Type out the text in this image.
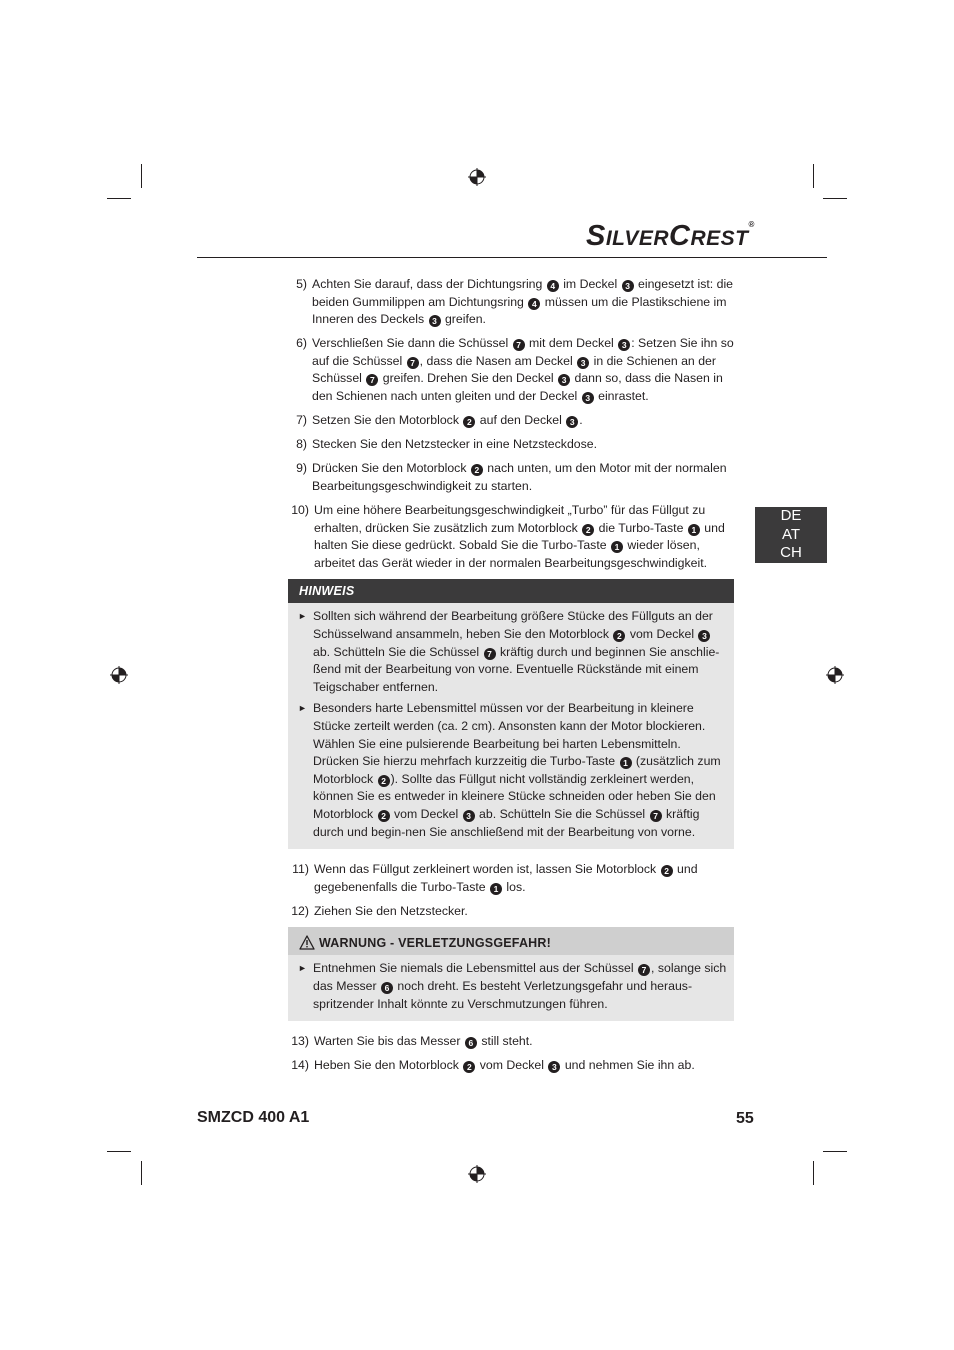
SILVERCREST®
DE
AT
CH
5) Achten Sie darauf, dass der Dichtungsring 4 im Deckel 3 eingesetzt ist: die beiden Gummilippen am Dichtungsring 4 müssen um die Plastikschiene im Inneren des Deckels 3 greifen.
6) Verschließen Sie dann die Schüssel 7 mit dem Deckel 3 : Setzen Sie ihn so auf die Schüssel 7 , dass die Nasen am Deckel 3 in die Schienen an der Schüssel 7 greifen. Drehen Sie den Deckel 3 dann so, dass die Nasen in den Schienen nach unten gleiten und der Deckel 3 einrastet.
7) Setzen Sie den Motorblock 2 auf den Deckel 3 .
8) Stecken Sie den Netzstecker in eine Netzsteckdose.
9) Drücken Sie den Motorblock 2 nach unten, um den Motor mit der normalen Bearbeitungsgeschwindigkeit zu starten.
10) Um eine höhere Bearbeitungsgeschwindigkeit „Turbo” für das Füllgut zu erhalten, drücken Sie zusätzlich zum Motorblock 2 die Turbo-Taste 1 und halten Sie diese gedrückt. Sobald Sie die Turbo-Taste 1 wieder lösen, arbeitet das Gerät wieder in der normalen Bearbeitungsgeschwindigkeit.
HINWEIS
► Sollten sich während der Bearbeitung größere Stücke des Füllguts an der Schüsselwand ansammeln, heben Sie den Motorblock 2 vom Deckel 3 ab. Schütteln Sie die Schüssel 7 kräftig durch und beginnen Sie anschlie-ßend mit der Bearbeitung von vorne. Eventuelle Rückstände mit einem Teigschaber entfernen.
► Besonders harte Lebensmittel müssen vor der Bearbeitung in kleinere Stücke zerteilt werden (ca. 2 cm). Ansonsten kann der Motor blockieren. Wählen Sie eine pulsierende Bearbeitung bei harten Lebensmitteln. Drücken Sie hierzu mehrfach kurzzeitig die Turbo-Taste 1 (zusätzlich zum Motorblock 2 ). Sollte das Füllgut nicht vollständig zerkleinert werden, können Sie es entweder in kleinere Stücke schneiden oder heben Sie den Motorblock 2 vom Deckel 3 ab. Schütteln Sie die Schüssel 7 kräftig durch und begin-nen Sie anschließend mit der Bearbeitung von vorne.
11) Wenn das Füllgut zerkleinert worden ist, lassen Sie Motorblock 2 und gegebenenfalls die Turbo-Taste 1 los.
12) Ziehen Sie den Netzstecker.
WARNUNG - VERLETZUNGSGEFAHR!
► Entnehmen Sie niemals die Lebensmittel aus der Schüssel 7 , solange sich das Messer 6 noch dreht. Es besteht Verletzungsgefahr und heraus-spritzender Inhalt könnte zu Verschmutzungen führen.
13) Warten Sie bis das Messer 6 still steht.
14) Heben Sie den Motorblock 2 vom Deckel 3 und nehmen Sie ihn ab.
SMZCD 400 A1	55
